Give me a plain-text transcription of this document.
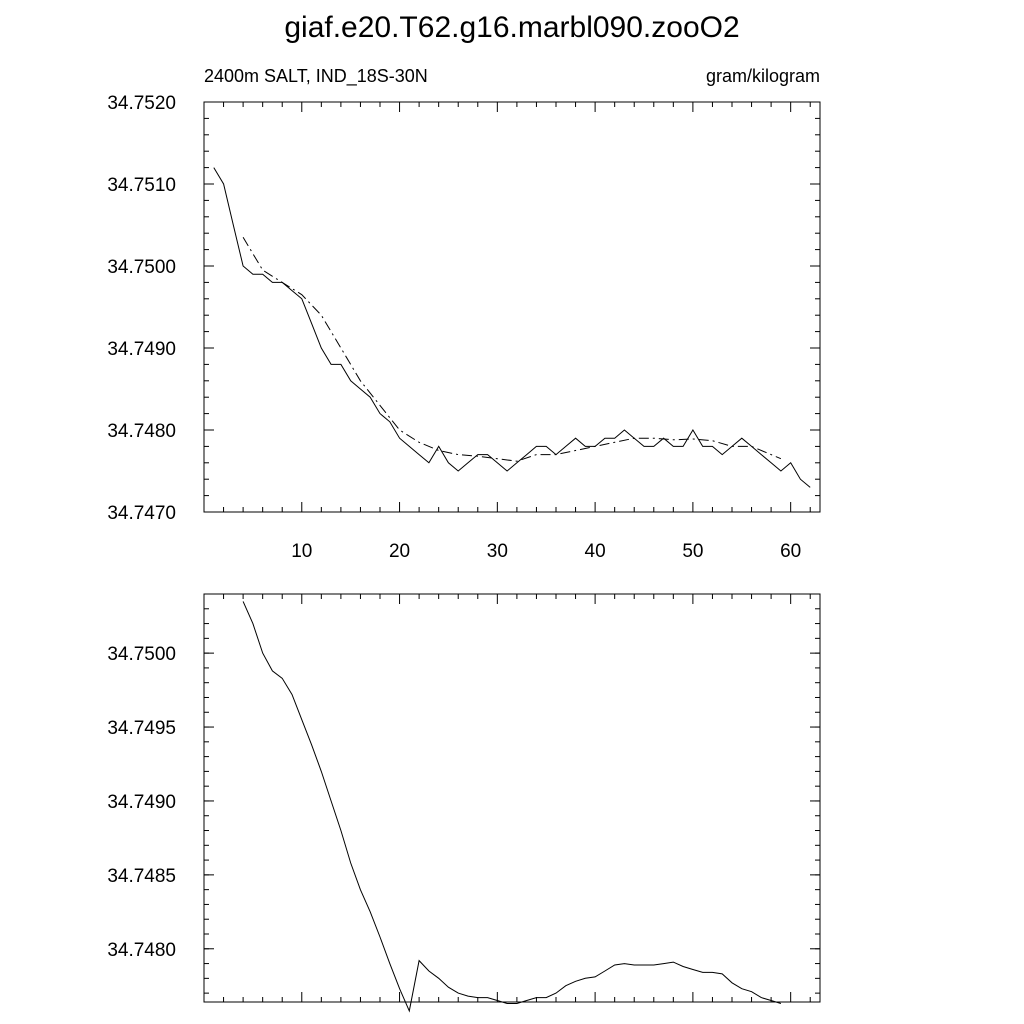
giaf.e20.T62.g16.marbl090.zooO2
2400m SALT, IND_18S-30N	gram/kilogram
34.7470
34.7480
34.7490
34.7500
34.7510
34.7520
10	20	30	40	50	60
34.7480
34.7485
34.7490
34.7495
34.7500
